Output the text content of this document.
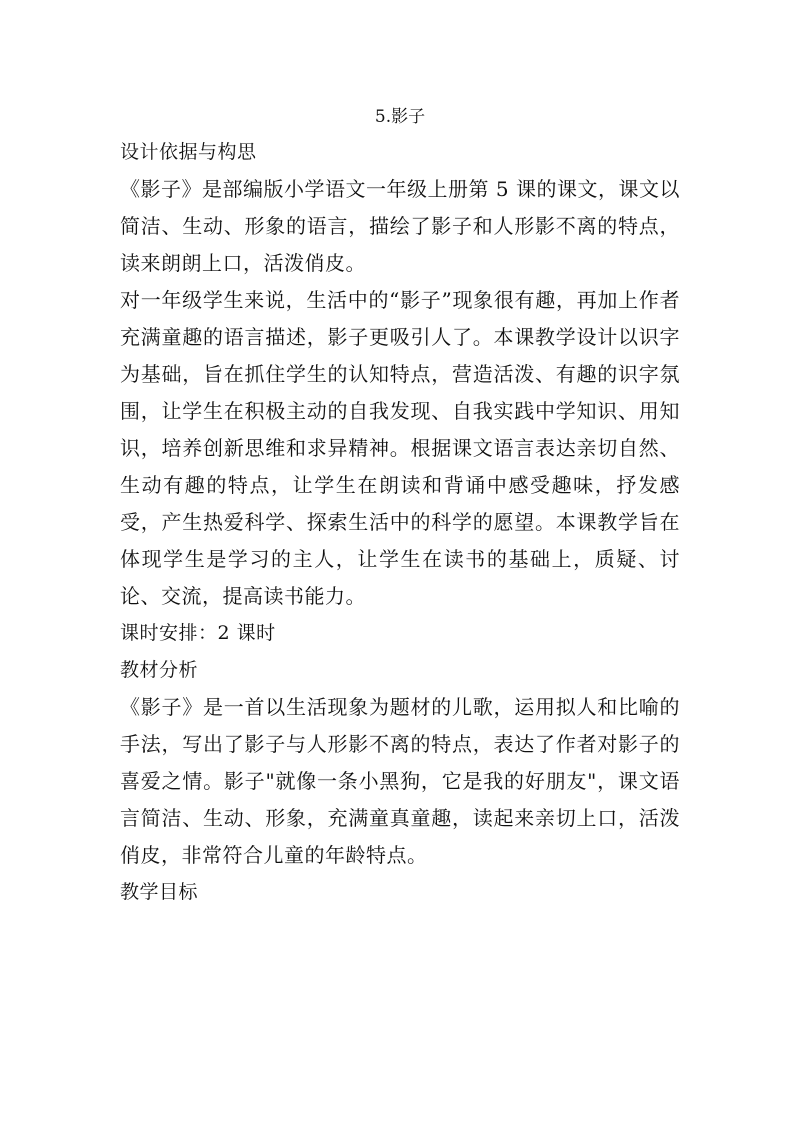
5.影子

设计依据与构思

《影子》是部编版小学语文一年级上册第 5 课的课文，课文以简洁、生动、形象的语言，描绘了影子和人形影不离的特点，读来朗朗上口，活泼俏皮。

对一年级学生来说，生活中的“影子”现象很有趣，再加上作者充满童趣的语言描述，影子更吸引人了。本课教学设计以识字为基础，旨在抓住学生的认知特点，营造活泼、有趣的识字氛围，让学生在积极主动的自我发现、自我实践中学知识、用知识，培养创新思维和求异精神。根据课文语言表达亲切自然、生动有趣的特点，让学生在朗读和背诵中感受趣味，抒发感受，产生热爱科学、探索生活中的科学的愿望。本课教学旨在体现学生是学习的主人，让学生在读书的基础上，质疑、讨论、交流，提高读书能力。

课时安排：2 课时

教材分析

《影子》是一首以生活现象为题材的儿歌，运用拟人和比喻的手法，写出了影子与人形影不离的特点，表达了作者对影子的喜爱之情。影子"就像一条小黑狗，它是我的好朋友"，课文语言简洁、生动、形象，充满童真童趣，读起来亲切上口，活泼俏皮，非常符合儿童的年龄特点。

教学目标
